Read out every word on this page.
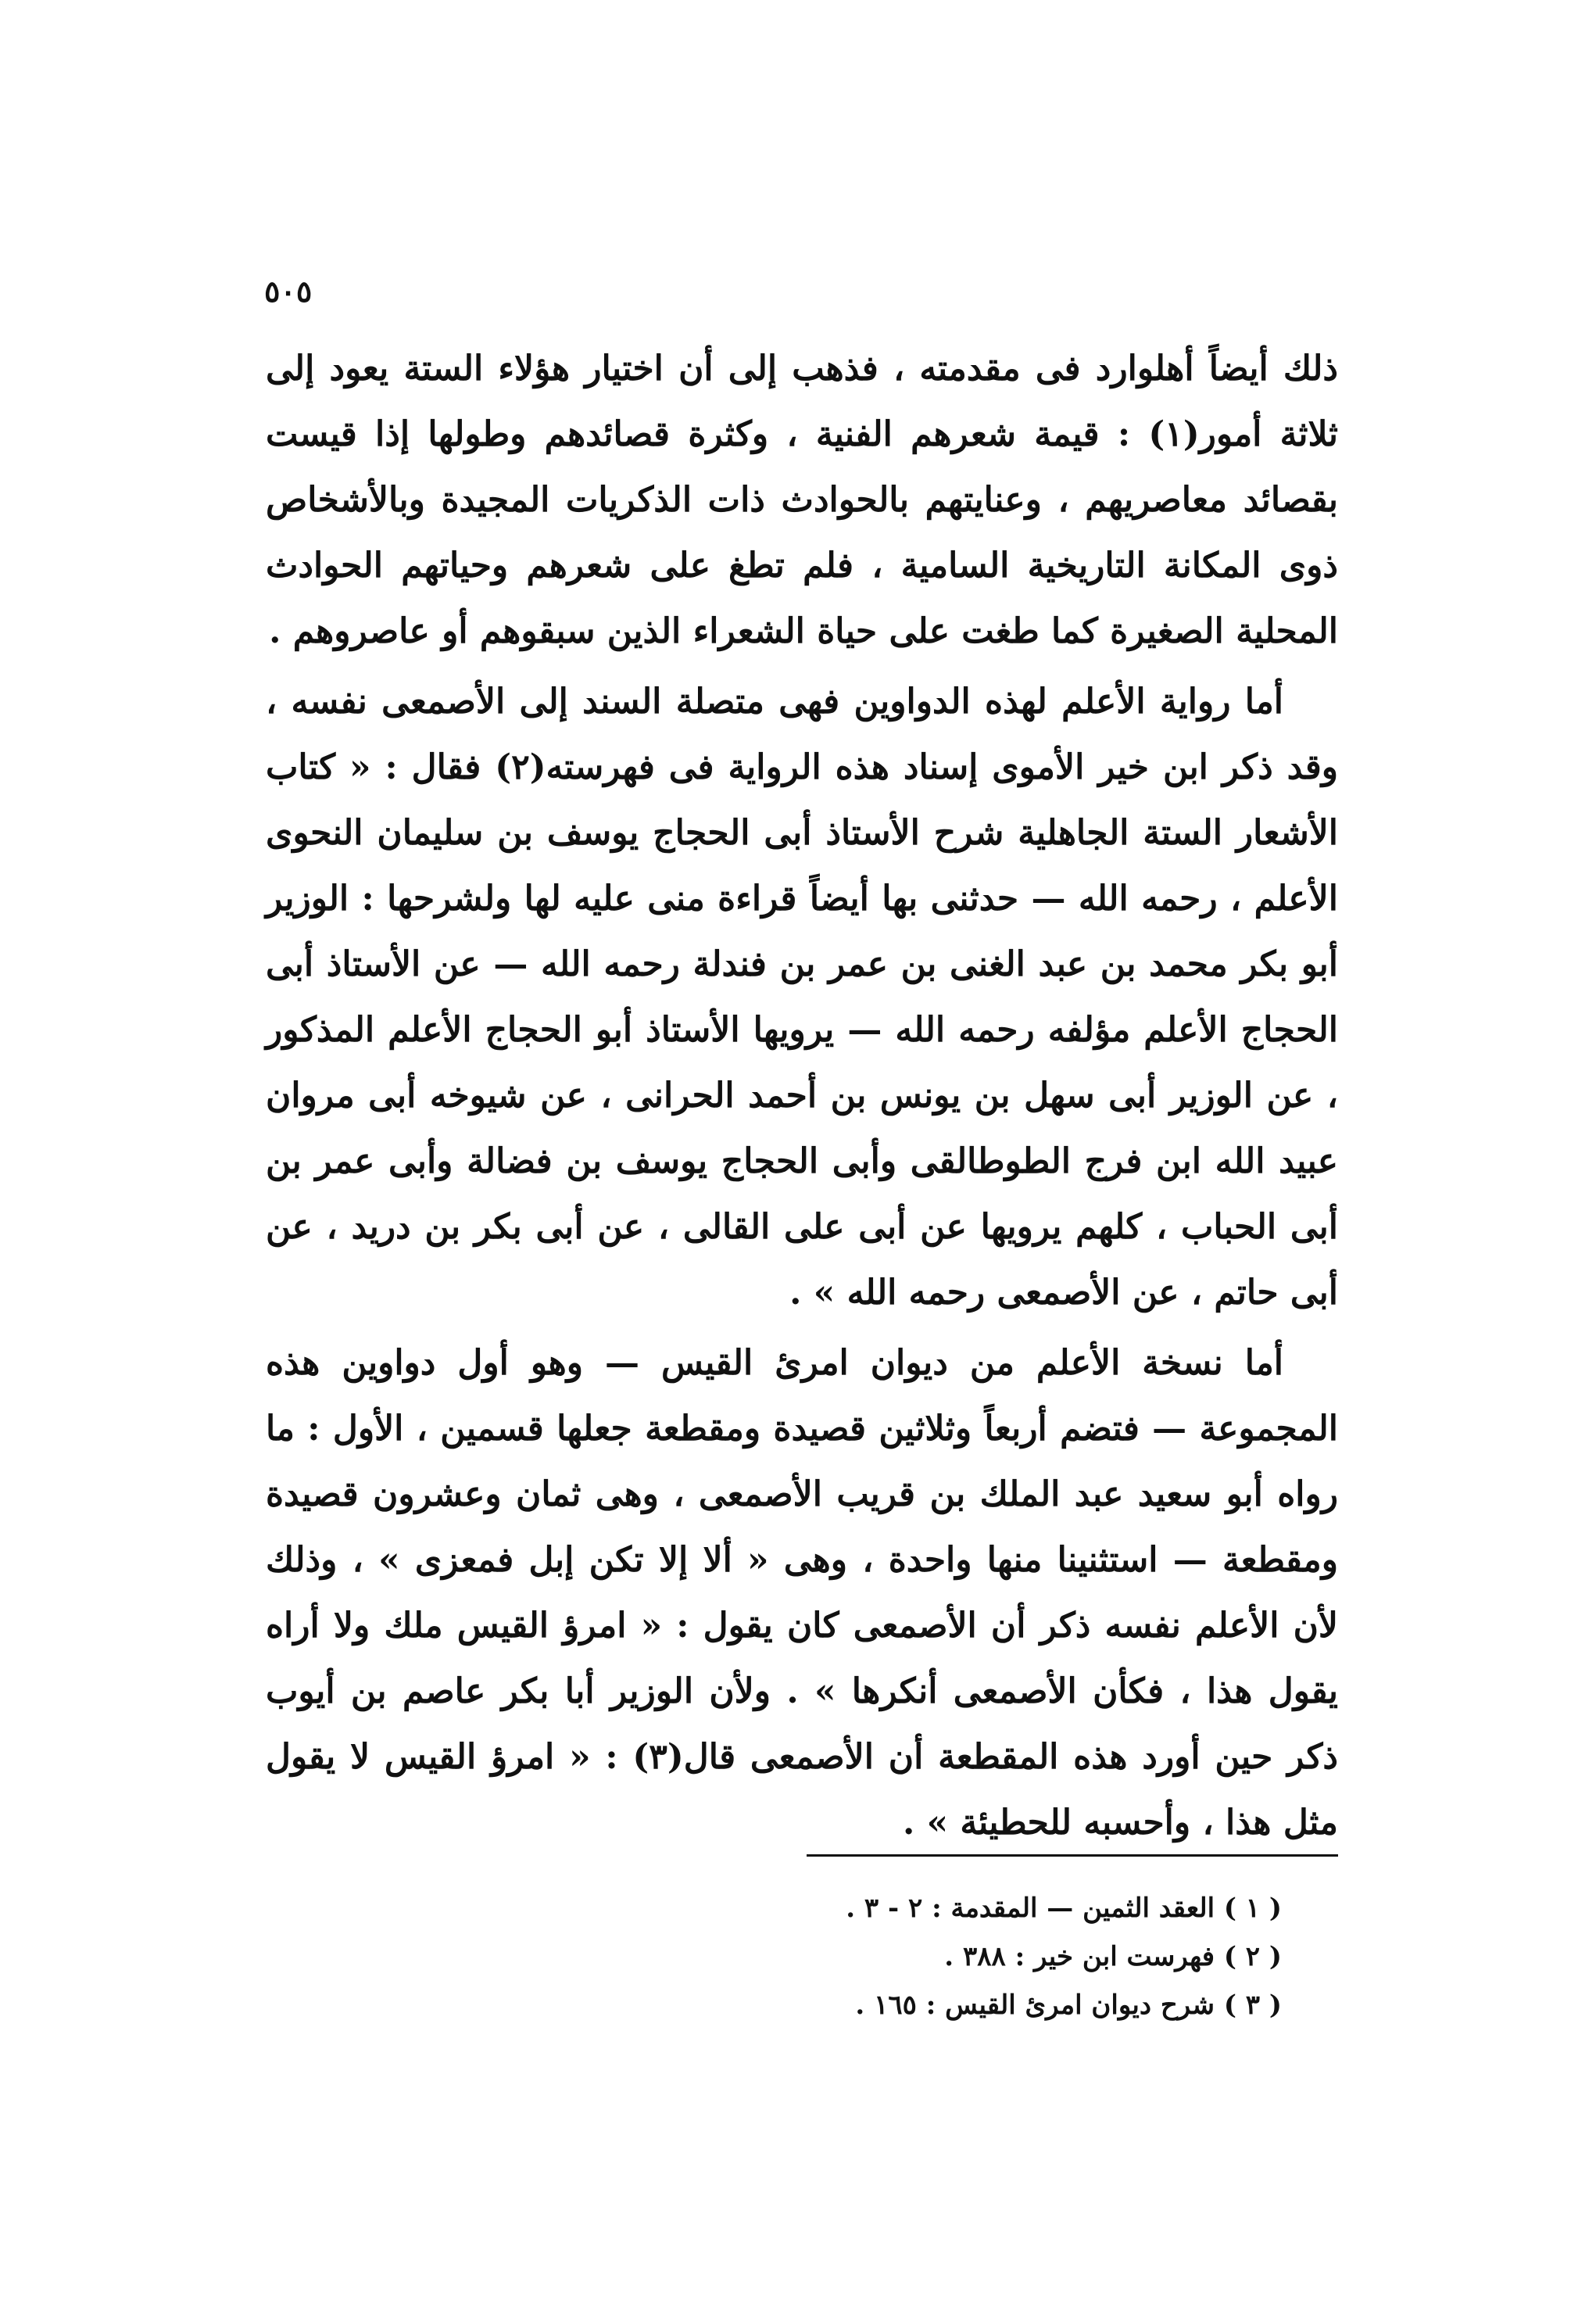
٥٠٥

ذلك أيضاً أهلوارد فى مقدمته ، فذهب إلى أن اختيار هؤلاء الستة يعود إلى ثلاثة أمور(١) : قيمة شعرهم الفنية ، وكثرة قصائدهم وطولها إذا قيست بقصائد معاصريهم ، وعنايتهم بالحوادث ذات الذكريات المجيدة وبالأشخاص ذوى المكانة التاريخية السامية ، فلم تطغ على شعرهم وحياتهم الحوادث المحلية الصغيرة كما طغت على حياة الشعراء الذين سبقوهم أو عاصروهم .

أما رواية الأعلم لهذه الدواوين فهى متصلة السند إلى الأصمعى نفسه ، وقد ذكر ابن خير الأموى إسناد هذه الرواية فى فهرسته(٢) فقال : « كتاب الأشعار الستة الجاهلية شرح الأستاذ أبى الحجاج يوسف بن سليمان النحوى الأعلم ، رحمه الله — حدثنى بها أيضاً قراءة منى عليه لها ولشرحها : الوزير أبو بكر محمد بن عبد الغنى بن عمر بن فندلة رحمه الله — عن الأستاذ أبى الحجاج الأعلم مؤلفه رحمه الله — يرويها الأستاذ أبو الحجاج الأعلم المذكور ، عن الوزير أبى سهل بن يونس بن أحمد الحرانى ، عن شيوخه أبى مروان عبيد الله ابن فرج الطوطالقى وأبى الحجاج يوسف بن فضالة وأبى عمر بن أبى الحباب ، كلهم يرويها عن أبى على القالى ، عن أبى بكر بن دريد ، عن أبى حاتم ، عن الأصمعى رحمه الله » .

أما نسخة الأعلم من ديوان امرئ القيس — وهو أول دواوين هذه المجموعة — فتضم أربعاً وثلاثين قصيدة ومقطعة جعلها قسمين ، الأول : ما رواه أبو سعيد عبد الملك بن قريب الأصمعى ، وهى ثمان وعشرون قصيدة ومقطعة — استثنينا منها واحدة ، وهى « ألا إلا تكن إبل فمعزى » ، وذلك لأن الأعلم نفسه ذكر أن الأصمعى كان يقول : « امرؤ القيس ملك ولا أراه يقول هذا ، فكأن الأصمعى أنكرها » . ولأن الوزير أبا بكر عاصم بن أيوب ذكر حين أورد هذه المقطعة أن الأصمعى قال(٣) : « امرؤ القيس لا يقول مثل هذا ، وأحسبه للحطيئة » .

( ١ ) العقد الثمين — المقدمة : ٢ - ٣ .

( ٢ ) فهرست ابن خير : ٣٨٨ .

( ٣ ) شرح ديوان امرئ القيس : ١٦٥ .
